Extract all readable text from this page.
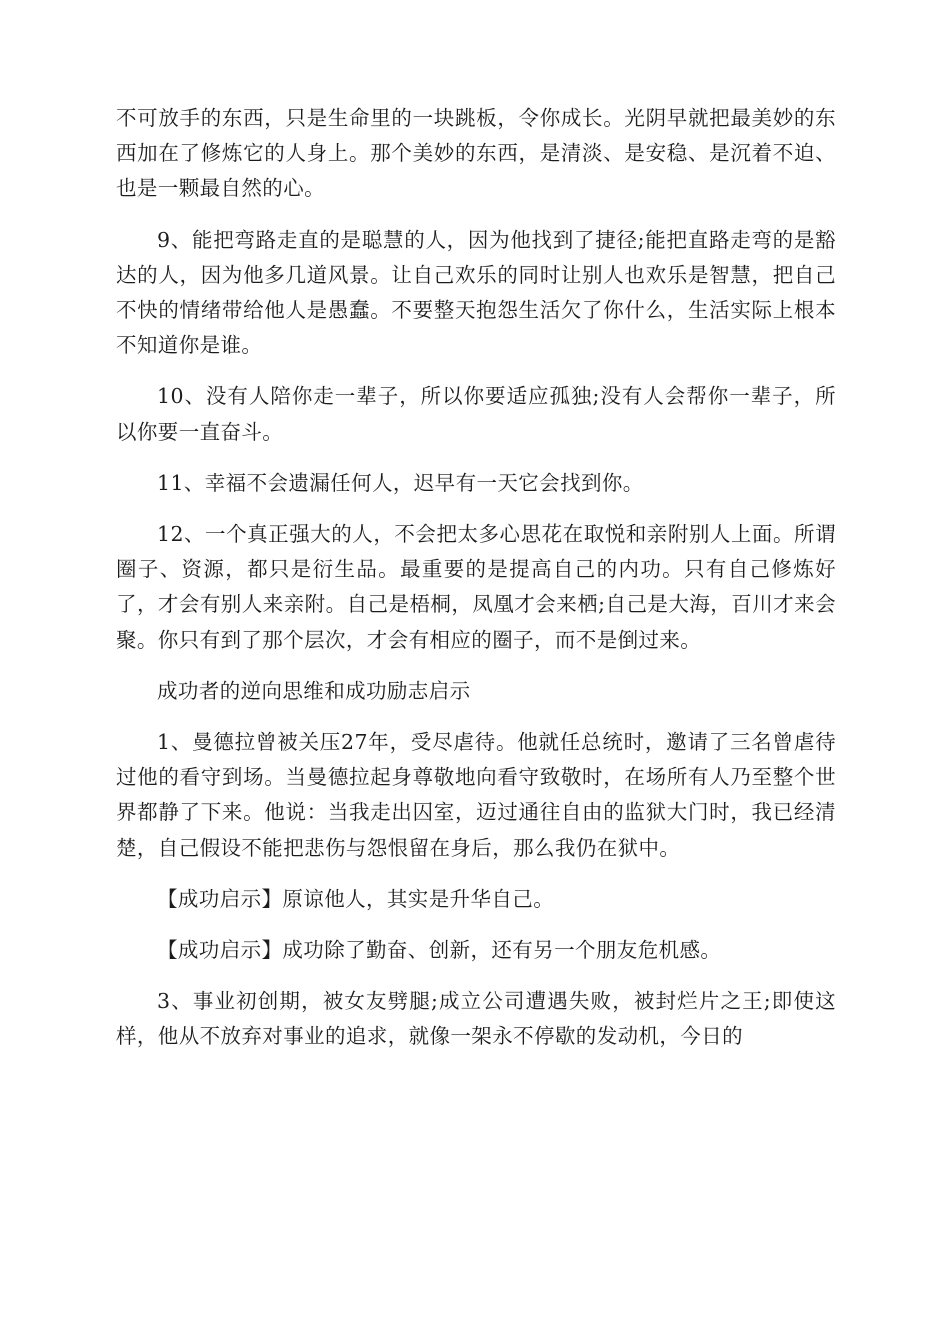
不可放手的东西，只是生命里的一块跳板，令你成长。光阴早就把最美妙的东西加在了修炼它的人身上。那个美妙的东西，是清淡、是安稳、是沉着不迫、也是一颗最自然的心。

9、能把弯路走直的是聪慧的人，因为他找到了捷径;能把直路走弯的是豁达的人，因为他多几道风景。让自己欢乐的同时让别人也欢乐是智慧，把自己不快的情绪带给他人是愚蠢。不要整天抱怨生活欠了你什么，生活实际上根本不知道你是谁。

10、没有人陪你走一辈子，所以你要适应孤独;没有人会帮你一辈子，所以你要一直奋斗。

11、幸福不会遗漏任何人，迟早有一天它会找到你。

12、一个真正强大的人，不会把太多心思花在取悦和亲附别人上面。所谓圈子、资源，都只是衍生品。最重要的是提高自己的内功。只有自己修炼好了，才会有别人来亲附。自己是梧桐，凤凰才会来栖;自己是大海，百川才来会聚。你只有到了那个层次，才会有相应的圈子，而不是倒过来。

成功者的逆向思维和成功励志启示

1、曼德拉曾被关压27年，受尽虐待。他就任总统时，邀请了三名曾虐待过他的看守到场。当曼德拉起身尊敬地向看守致敬时，在场所有人乃至整个世界都静了下来。他说：当我走出囚室，迈过通往自由的监狱大门时，我已经清楚，自己假设不能把悲伤与怨恨留在身后，那么我仍在狱中。

【成功启示】原谅他人，其实是升华自己。

【成功启示】成功除了勤奋、创新，还有另一个朋友危机感。

3、事业初创期，被女友劈腿;成立公司遭遇失败，被封烂片之王;即使这样，他从不放弃对事业的追求，就像一架永不停歇的发动机，今日的
